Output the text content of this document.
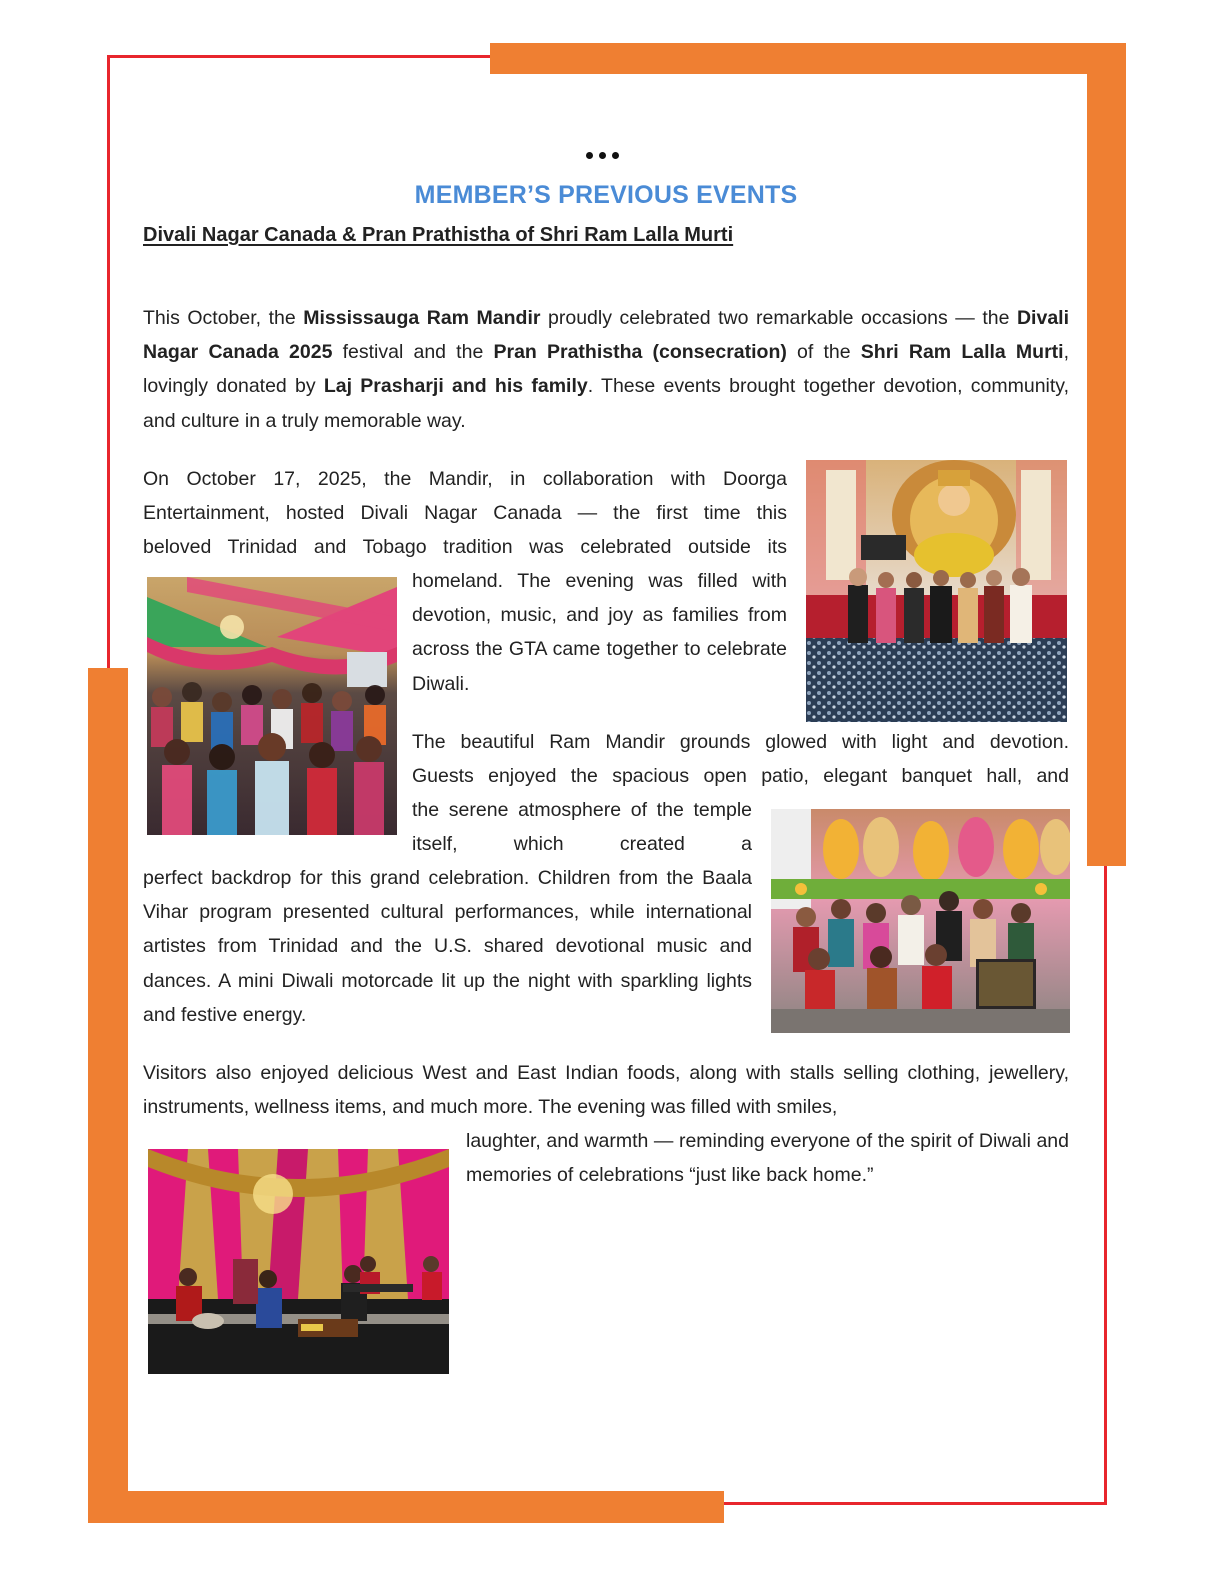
MEMBER’S PREVIOUS EVENTS
Divali Nagar Canada & Pran Prathistha of Shri Ram Lalla Murti

This October, the Mississauga Ram Mandir proudly celebrated two remarkable occasions — the Divali Nagar Canada 2025 festival and the Pran Prathistha (consecration) of the Shri Ram Lalla Murti, lovingly donated by Laj Prasharji and his family. These events brought together devotion, community, and culture in a truly memorable way.

On October 17, 2025, the Mandir, in collaboration with Doorga
Entertainment, hosted Divali Nagar Canada — the first time this
beloved Trinidad and Tobago tradition was celebrated outside its

homeland. The evening was filled with devotion, music, and joy as families from across the GTA came together to celebrate Diwali.

The beautiful Ram Mandir grounds glowed with light and devotion.
Guests enjoyed the spacious open patio, elegant banquet hall, and

the serene atmosphere of the temple itself, which created a

perfect backdrop for this grand celebration. Children from the Baala Vihar program presented cultural performances, while international artistes from Trinidad and the U.S. shared devotional music and dances. A mini Diwali motorcade lit up the night with sparkling lights and festive energy.

Visitors also enjoyed delicious West and East Indian foods, along with stalls selling clothing, jewellery, instruments, wellness items, and much more. The evening was filled with smiles,

laughter, and warmth — reminding everyone of the spirit of Diwali and memories of celebrations “just like back home.”
